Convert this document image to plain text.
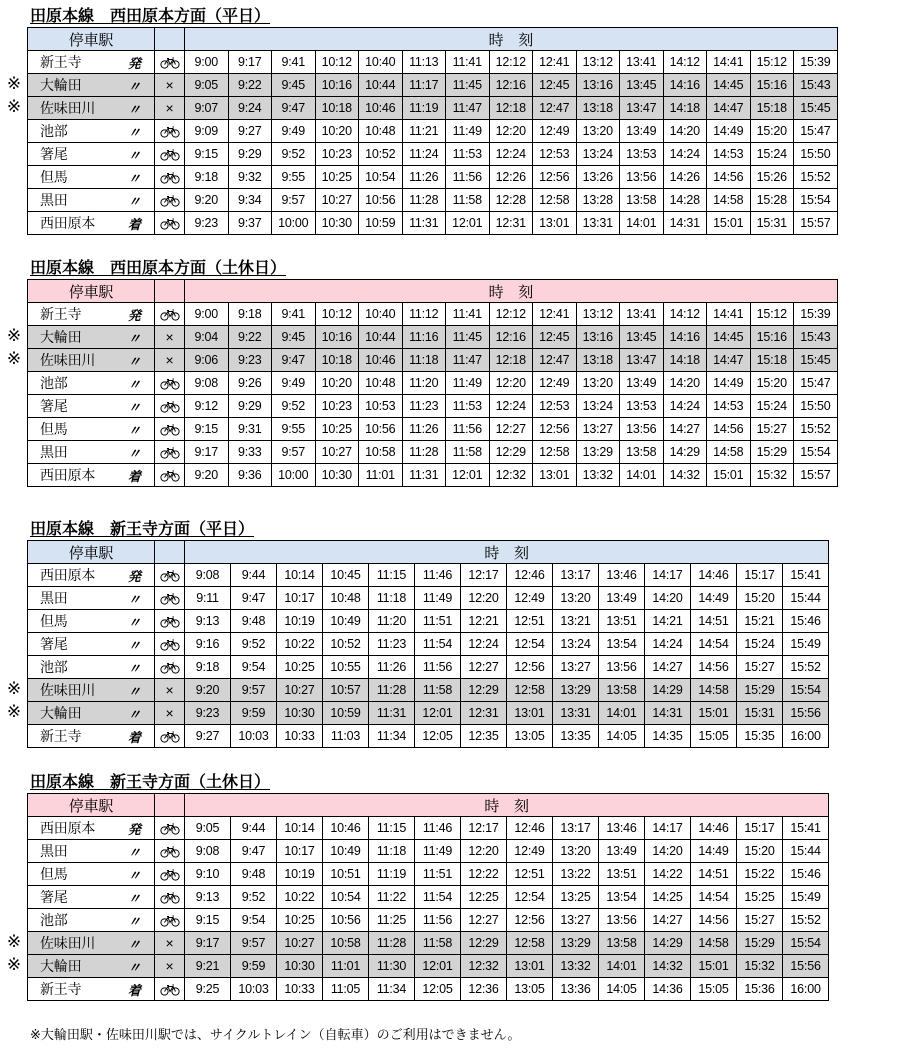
田原本線　西田原本方面（平日）
停車駅			時　刻														
新王寺	発		9:00	9:17	9:41	10:12	10:40	11:13	11:41	12:12	12:41	13:12	13:41	14:12	14:41	15:12	15:39
大輪田	〃	×	9:05	9:22	9:45	10:16	10:44	11:17	11:45	12:16	12:45	13:16	13:45	14:16	14:45	15:16	15:43
佐味田川	〃	×	9:07	9:24	9:47	10:18	10:46	11:19	11:47	12:18	12:47	13:18	13:47	14:18	14:47	15:18	15:45
池部	〃		9:09	9:27	9:49	10:20	10:48	11:21	11:49	12:20	12:49	13:20	13:49	14:20	14:49	15:20	15:47
箸尾	〃		9:15	9:29	9:52	10:23	10:52	11:24	11:53	12:24	12:53	13:24	13:53	14:24	14:53	15:24	15:50
但馬	〃		9:18	9:32	9:55	10:25	10:54	11:26	11:56	12:26	12:56	13:26	13:56	14:26	14:56	15:26	15:52
黒田	〃		9:20	9:34	9:57	10:27	10:56	11:28	11:58	12:28	12:58	13:28	13:58	14:28	14:58	15:28	15:54
西田原本	着		9:23	9:37	10:00	10:30	10:59	11:31	12:01	12:31	13:01	13:31	14:01	14:31	15:01	15:31	15:57
※
※
田原本線　西田原本方面（土休日）
停車駅			時　刻														
新王寺	発		9:00	9:18	9:41	10:12	10:40	11:12	11:41	12:12	12:41	13:12	13:41	14:12	14:41	15:12	15:39
大輪田	〃	×	9:04	9:22	9:45	10:16	10:44	11:16	11:45	12:16	12:45	13:16	13:45	14:16	14:45	15:16	15:43
佐味田川	〃	×	9:06	9:23	9:47	10:18	10:46	11:18	11:47	12:18	12:47	13:18	13:47	14:18	14:47	15:18	15:45
池部	〃		9:08	9:26	9:49	10:20	10:48	11:20	11:49	12:20	12:49	13:20	13:49	14:20	14:49	15:20	15:47
箸尾	〃		9:12	9:29	9:52	10:23	10:53	11:23	11:53	12:24	12:53	13:24	13:53	14:24	14:53	15:24	15:50
但馬	〃		9:15	9:31	9:55	10:25	10:56	11:26	11:56	12:27	12:56	13:27	13:56	14:27	14:56	15:27	15:52
黒田	〃		9:17	9:33	9:57	10:27	10:58	11:28	11:58	12:29	12:58	13:29	13:58	14:29	14:58	15:29	15:54
西田原本	着		9:20	9:36	10:00	10:30	11:01	11:31	12:01	12:32	13:01	13:32	14:01	14:32	15:01	15:32	15:57
※
※
田原本線　新王寺方面（平日）
停車駅			時　刻													
西田原本	発		9:08	9:44	10:14	10:45	11:15	11:46	12:17	12:46	13:17	13:46	14:17	14:46	15:17	15:41
黒田	〃		9:11	9:47	10:17	10:48	11:18	11:49	12:20	12:49	13:20	13:49	14:20	14:49	15:20	15:44
但馬	〃		9:13	9:48	10:19	10:49	11:20	11:51	12:21	12:51	13:21	13:51	14:21	14:51	15:21	15:46
箸尾	〃		9:16	9:52	10:22	10:52	11:23	11:54	12:24	12:54	13:24	13:54	14:24	14:54	15:24	15:49
池部	〃		9:18	9:54	10:25	10:55	11:26	11:56	12:27	12:56	13:27	13:56	14:27	14:56	15:27	15:52
佐味田川	〃	×	9:20	9:57	10:27	10:57	11:28	11:58	12:29	12:58	13:29	13:58	14:29	14:58	15:29	15:54
大輪田	〃	×	9:23	9:59	10:30	10:59	11:31	12:01	12:31	13:01	13:31	14:01	14:31	15:01	15:31	15:56
新王寺	着		9:27	10:03	10:33	11:03	11:34	12:05	12:35	13:05	13:35	14:05	14:35	15:05	15:35	16:00
※
※
田原本線　新王寺方面（土休日）
停車駅			時　刻													
西田原本	発		9:05	9:44	10:14	10:46	11:15	11:46	12:17	12:46	13:17	13:46	14:17	14:46	15:17	15:41
黒田	〃		9:08	9:47	10:17	10:49	11:18	11:49	12:20	12:49	13:20	13:49	14:20	14:49	15:20	15:44
但馬	〃		9:10	9:48	10:19	10:51	11:19	11:51	12:22	12:51	13:22	13:51	14:22	14:51	15:22	15:46
箸尾	〃		9:13	9:52	10:22	10:54	11:22	11:54	12:25	12:54	13:25	13:54	14:25	14:54	15:25	15:49
池部	〃		9:15	9:54	10:25	10:56	11:25	11:56	12:27	12:56	13:27	13:56	14:27	14:56	15:27	15:52
佐味田川	〃	×	9:17	9:57	10:27	10:58	11:28	11:58	12:29	12:58	13:29	13:58	14:29	14:58	15:29	15:54
大輪田	〃	×	9:21	9:59	10:30	11:01	11:30	12:01	12:32	13:01	13:32	14:01	14:32	15:01	15:32	15:56
新王寺	着		9:25	10:03	10:33	11:05	11:34	12:05	12:36	13:05	13:36	14:05	14:36	15:05	15:36	16:00
※
※
※大輪田駅・佐味田川駅では、サイクルトレイン（自転車）のご利用はできません。
